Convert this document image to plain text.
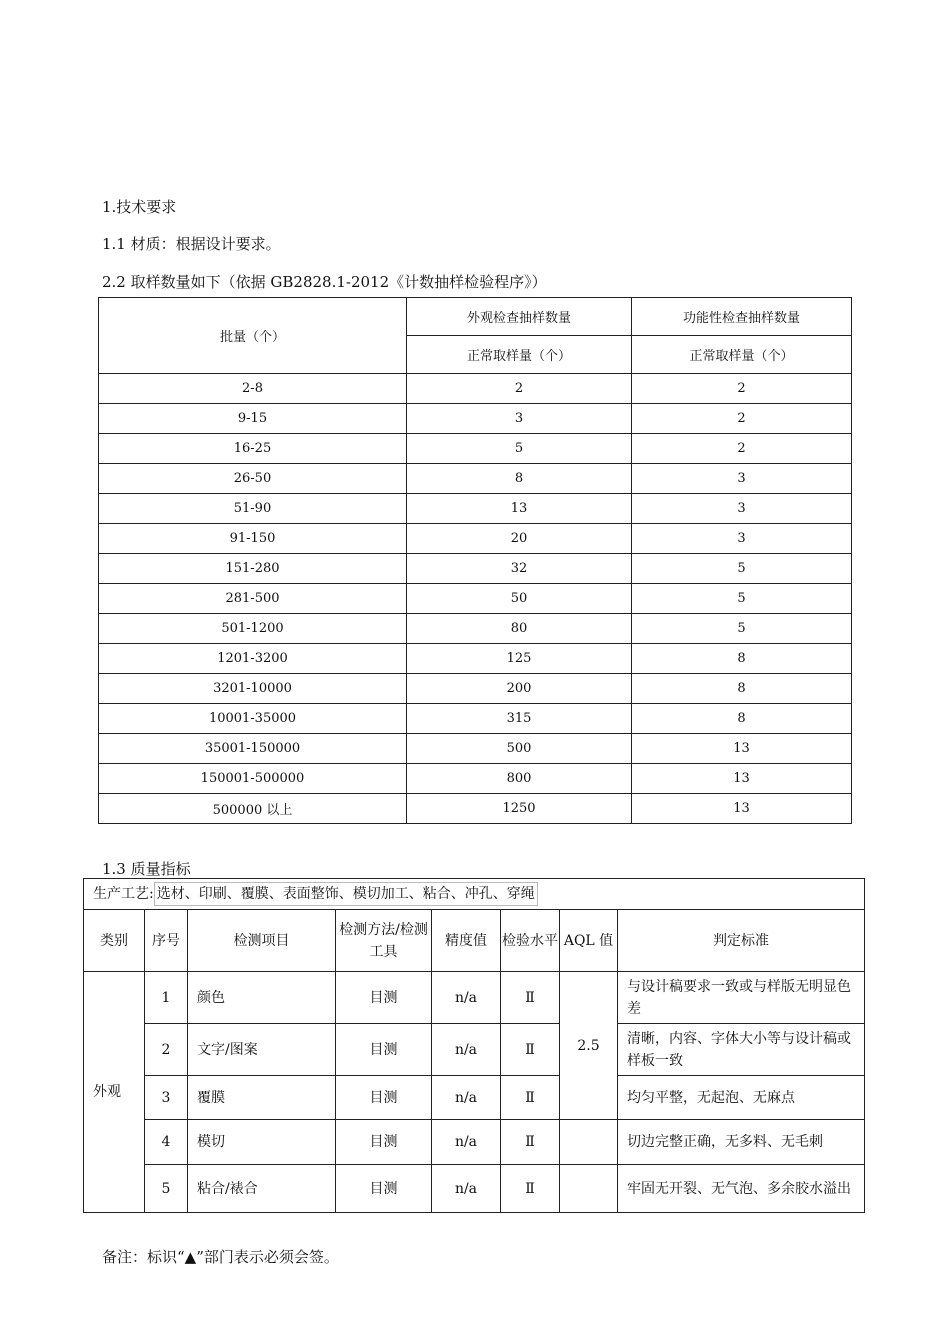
1.技术要求
1.1 材质：根据设计要求。
2.2 取样数量如下（依据 GB2828.1-2012《计数抽样检验程序》）
批量（个）	外观检查抽样数量	功能性检查抽样数量
	正常取样量（个）	正常取样量（个）
2-8	2	2
9-15	3	2
16-25	5	2
26-50	8	3
51-90	13	3
91-150	20	3
151-280	32	5
281-500	50	5
501-1200	80	5
1201-3200	125	8
3201-10000	200	8
10001-35000	315	8
35001-150000	500	13
150001-500000	800	13
500000 以上	1250	13
1.3 质量指标
生产工艺: 选材、印刷、覆膜、表面整饰、模切加工、粘合、冲孔、穿绳							
类别	序号	检测项目	检测方法/检测工具	精度值	检验水平	AQL 值	判定标准
外观	1	颜色	目测	n/a	Ⅱ	2.5	与设计稿要求一致或与样版无明显色差
	2	文字/图案	目测	n/a	Ⅱ		清晰，内容、字体大小等与设计稿或样板一致
	3	覆膜	目测	n/a	Ⅱ		均匀平整，无起泡、无麻点
	4	模切	目测	n/a	Ⅱ		切边完整正确，无多料、无毛刺
	5	粘合/裱合	目测	n/a	Ⅱ		牢固无开裂、无气泡、多余胶水溢出
备注：标识“▲”部门表示必须会签。
